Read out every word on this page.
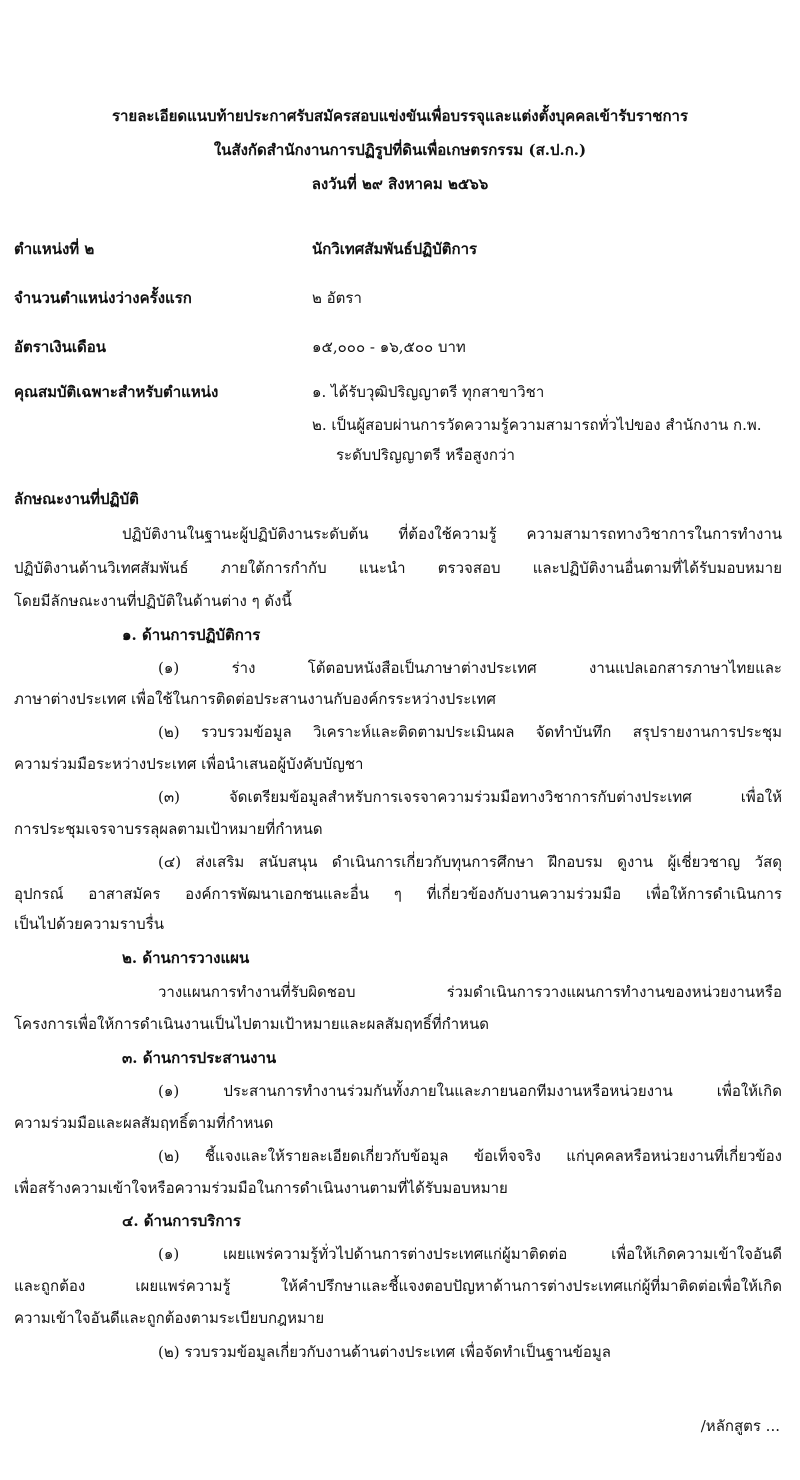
รายละเอียดแนบท้ายประกาศรับสมัครสอบแข่งขันเพื่อบรรจุและแต่งตั้งบุคคลเข้ารับราชการ
ในสังกัดสำนักงานการปฏิรูปที่ดินเพื่อเกษตรกรรม (ส.ป.ก.)
ลงวันที่ ๒๙ สิงหาคม ๒๕๖๖
ตำแหน่งที่ ๒	นักวิเทศสัมพันธ์ปฏิบัติการ
จำนวนตำแหน่งว่างครั้งแรก	๒ อัตรา
อัตราเงินเดือน	๑๕,๐๐๐ - ๑๖,๕๐๐ บาท
คุณสมบัติเฉพาะสำหรับตำแหน่ง	๑. ได้รับวุฒิปริญญาตรี ทุกสาขาวิชา
๒. เป็นผู้สอบผ่านการวัดความรู้ความสามารถทั่วไปของ สำนักงาน ก.พ.
ระดับปริญญาตรี หรือสูงกว่า
ลักษณะงานที่ปฏิบัติ
ปฏิบัติงานในฐานะผู้ปฏิบัติงานระดับต้น ที่ต้องใช้ความรู้ ความสามารถทางวิชาการในการทำงาน
ปฏิบัติงานด้านวิเทศสัมพันธ์ ภายใต้การกำกับ แนะนำ ตรวจสอบ และปฏิบัติงานอื่นตามที่ได้รับมอบหมาย
โดยมีลักษณะงานที่ปฏิบัติในด้านต่าง ๆ ดังนี้
๑. ด้านการปฏิบัติการ
(๑) ร่าง โต้ตอบหนังสือเป็นภาษาต่างประเทศ งานแปลเอกสารภาษาไทยและ
ภาษาต่างประเทศ เพื่อใช้ในการติดต่อประสานงานกับองค์กรระหว่างประเทศ
(๒) รวบรวมข้อมูล วิเคราะห์และติดตามประเมินผล จัดทำบันทึก สรุปรายงานการประชุม
ความร่วมมือระหว่างประเทศ เพื่อนำเสนอผู้บังคับบัญชา
(๓) จัดเตรียมข้อมูลสำหรับการเจรจาความร่วมมือทางวิชาการกับต่างประเทศ เพื่อให้
การประชุมเจรจาบรรลุผลตามเป้าหมายที่กำหนด
(๔) ส่งเสริม สนับสนุน ดำเนินการเกี่ยวกับทุนการศึกษา ฝึกอบรม ดูงาน ผู้เชี่ยวชาญ วัสดุ
อุปกรณ์ อาสาสมัคร องค์การพัฒนาเอกชนและอื่น ๆ ที่เกี่ยวข้องกับงานความร่วมมือ เพื่อให้การดำเนินการ
เป็นไปด้วยความราบรื่น
๒. ด้านการวางแผน
วางแผนการทำงานที่รับผิดชอบ ร่วมดำเนินการวางแผนการทำงานของหน่วยงานหรือ
โครงการเพื่อให้การดำเนินงานเป็นไปตามเป้าหมายและผลสัมฤทธิ์ที่กำหนด
๓. ด้านการประสานงาน
(๑) ประสานการทำงานร่วมกันทั้งภายในและภายนอกทีมงานหรือหน่วยงาน เพื่อให้เกิด
ความร่วมมือและผลสัมฤทธิ์ตามที่กำหนด
(๒) ชี้แจงและให้รายละเอียดเกี่ยวกับข้อมูล ข้อเท็จจริง แก่บุคคลหรือหน่วยงานที่เกี่ยวข้อง
เพื่อสร้างความเข้าใจหรือความร่วมมือในการดำเนินงานตามที่ได้รับมอบหมาย
๔. ด้านการบริการ
(๑) เผยแพร่ความรู้ทั่วไปด้านการต่างประเทศแก่ผู้มาติดต่อ เพื่อให้เกิดความเข้าใจอันดี
และถูกต้อง เผยแพร่ความรู้ ให้คำปรึกษาและชี้แจงตอบปัญหาด้านการต่างประเทศแก่ผู้ที่มาติดต่อเพื่อให้เกิด
ความเข้าใจอันดีและถูกต้องตามระเบียบกฎหมาย
(๒) รวบรวมข้อมูลเกี่ยวกับงานด้านต่างประเทศ เพื่อจัดทำเป็นฐานข้อมูล
/หลักสูตร ...
